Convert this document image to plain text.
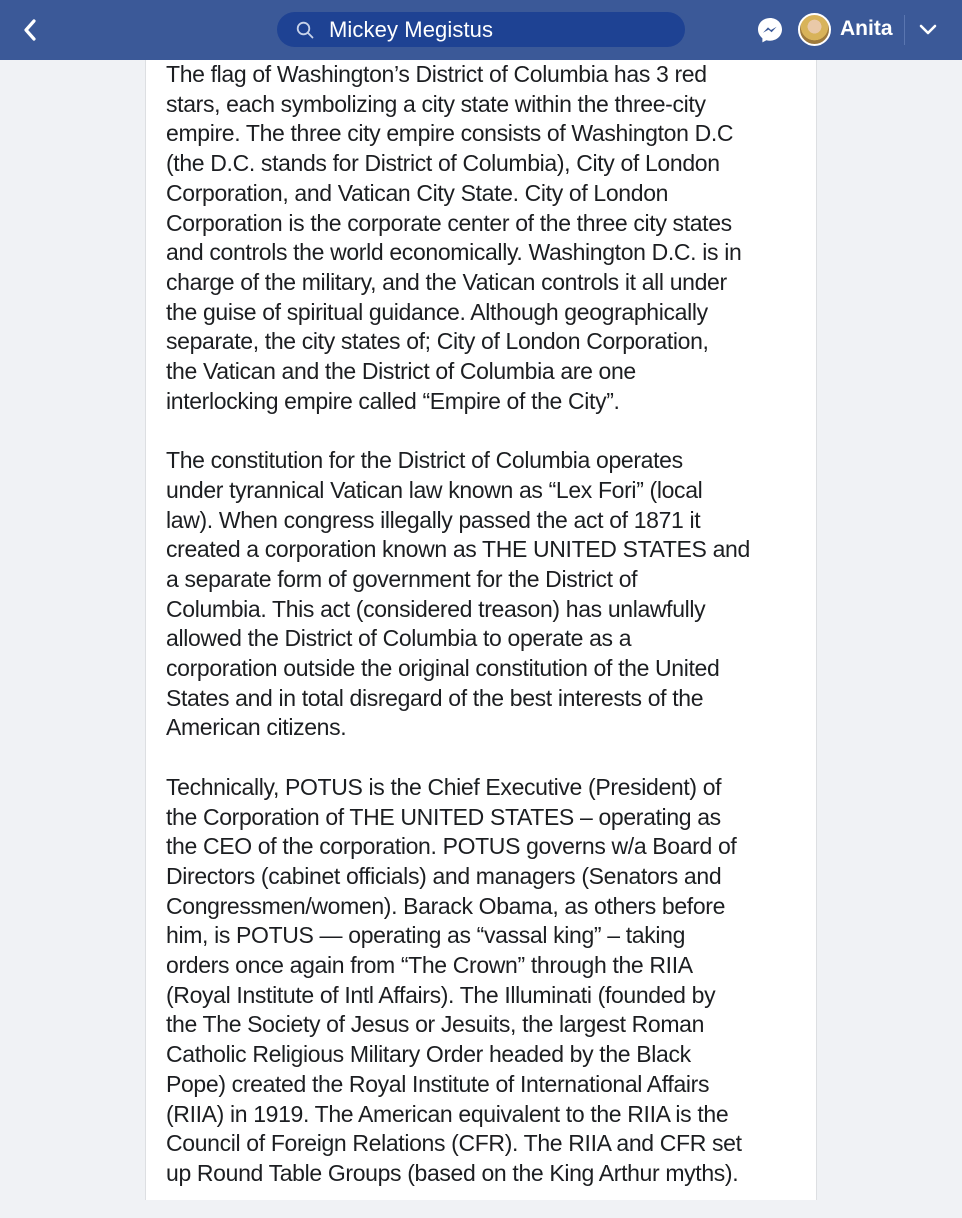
Mickey Megistus	Anita

The flag of Washington’s District of Columbia has 3 red
stars, each symbolizing a city state within the three-city
empire. The three city empire consists of Washington D.C
(the D.C. stands for District of Columbia), City of London
Corporation, and Vatican City State. City of London
Corporation is the corporate center of the three city states
and controls the world economically. Washington D.C. is in
charge of the military, and the Vatican controls it all under
the guise of spiritual guidance. Although geographically
separate, the city states of; City of London Corporation,
the Vatican and the District of Columbia are one
interlocking empire called “Empire of the City”.

The constitution for the District of Columbia operates
under tyrannical Vatican law known as “Lex Fori” (local
law). When congress illegally passed the act of 1871 it
created a corporation known as THE UNITED STATES and
a separate form of government for the District of
Columbia. This act (considered treason) has unlawfully
allowed the District of Columbia to operate as a
corporation outside the original constitution of the United
States and in total disregard of the best interests of the
American citizens.

Technically, POTUS is the Chief Executive (President) of
the Corporation of THE UNITED STATES – operating as
the CEO of the corporation. POTUS governs w/a Board of
Directors (cabinet officials) and managers (Senators and
Congressmen/women). Barack Obama, as others before
him, is POTUS — operating as “vassal king” – taking
orders once again from “The Crown” through the RIIA
(Royal Institute of Intl Affairs). The Illuminati (founded by
the The Society of Jesus or Jesuits, the largest Roman
Catholic Religious Military Order headed by the Black
Pope) created the Royal Institute of International Affairs
(RIIA) in 1919. The American equivalent to the RIIA is the
Council of Foreign Relations (CFR). The RIIA and CFR set
up Round Table Groups (based on the King Arthur myths).
